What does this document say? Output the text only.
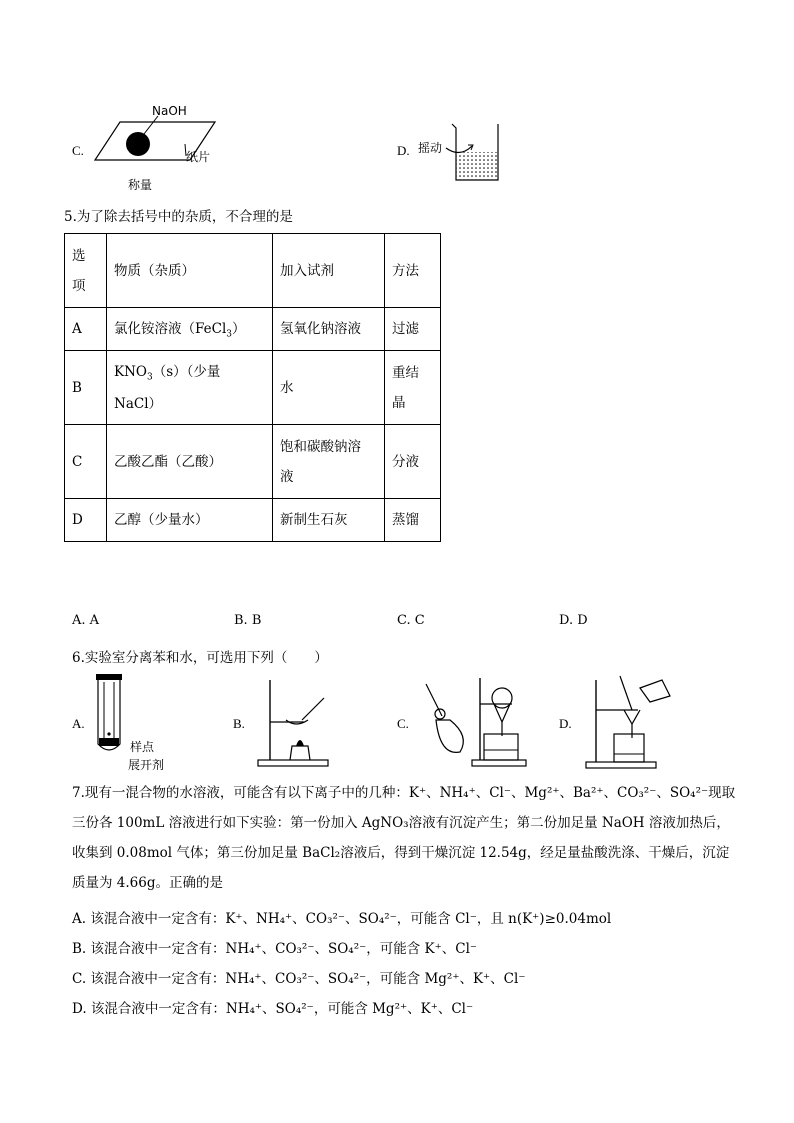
C.
NaOH
纸片
称量
D. 摇动
5.为了除去括号中的杂质，不合理的是
选
项	物质（杂质）	加入试剂	方法
A	氯化铵溶液（FeCl$_3$）	氢氧化钠溶液	过滤
B	$KNO_3(s)$（少量 NaCl）	水	重结
晶

C	乙酸乙酯（乙酸）	饱和碳酸钠溶
液	分液
D	乙醇（少量水）	新制生石灰	蒸馏
A. A	B. B	C. C	D. D
6.实验室分离苯和水，可选用下列（　　）
A.
样点
展开剂
B.	C.	D.
7.现有一混合物的水溶液，可能含有以下离子中的几种：K⁺、NH₄⁺、Cl⁻、Mg²⁺、Ba²⁺、CO₃²⁻、SO₄²⁻现取
三份各 100mL 溶液进行如下实验：第一份加入 AgNO₃溶液有沉淀产生；第二份加足量 NaOH 溶液加热后，
收集到 0.08mol 气体；第三份加足量 BaCl₂溶液后，得到干燥沉淀 12.54g，经足量盐酸洗涤、干燥后，沉淀
质量为 4.66g。正确的是
A. 该混合液中一定含有：K⁺、NH₄⁺、CO₃²⁻、SO₄²⁻，可能含 Cl⁻，且 n(K⁺)≥0.04mol
B. 该混合液中一定含有：NH₄⁺、CO₃²⁻、SO₄²⁻，可能含 K⁺、Cl⁻
C. 该混合液中一定含有：NH₄⁺、CO₃²⁻、SO₄²⁻，可能含 Mg²⁺、K⁺、Cl⁻
D. 该混合液中一定含有：NH₄⁺、SO₄²⁻，可能含 Mg²⁺、K⁺、Cl⁻
